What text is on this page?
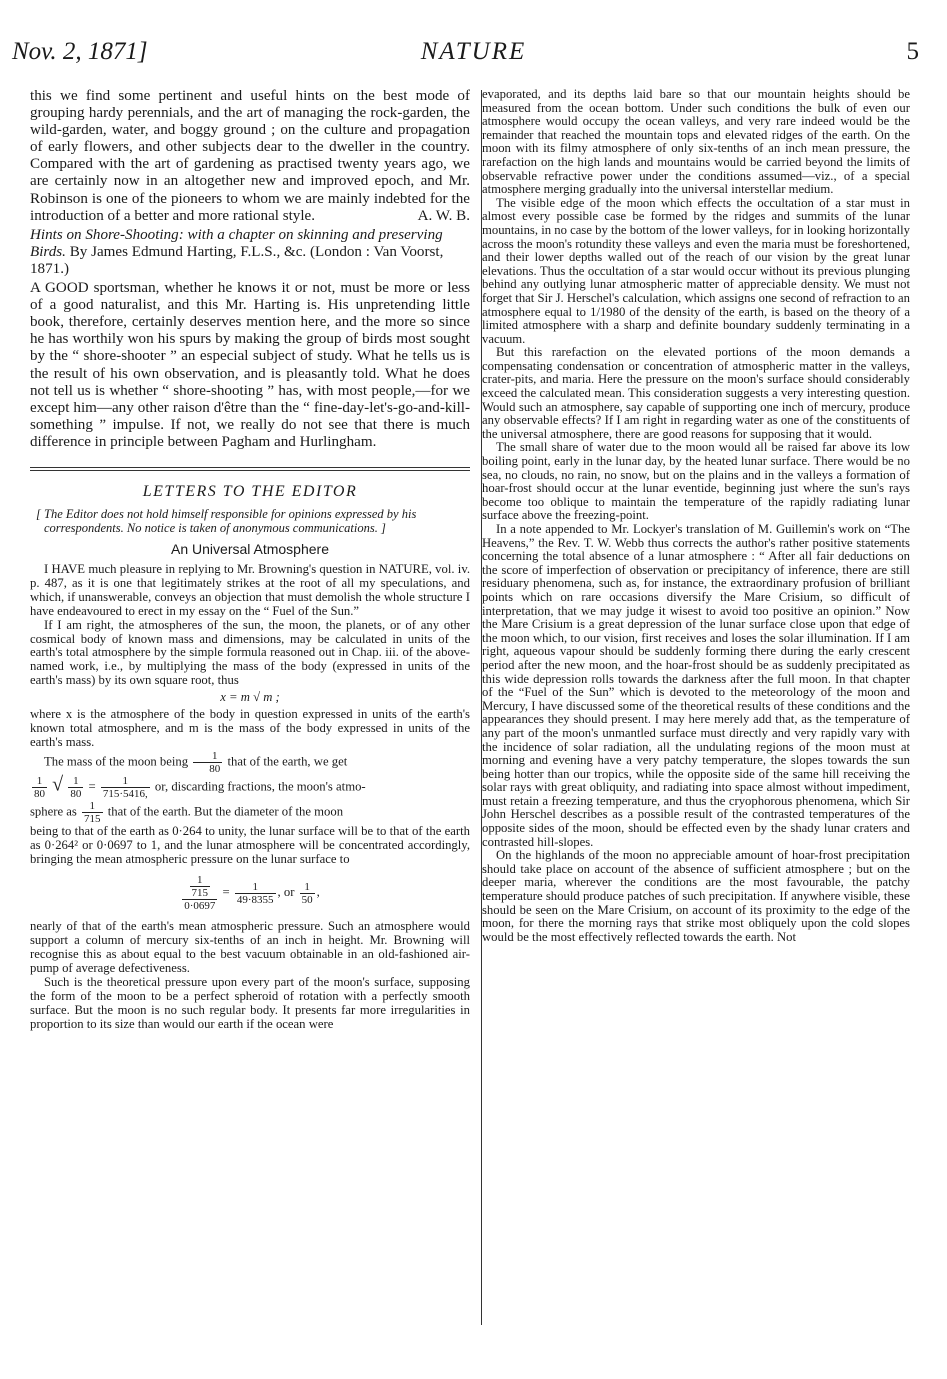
Nov. 2, 1871]	NATURE	5

this we find some pertinent and useful hints on the best mode of grouping hardy perennials, and the art of managing the rock-garden, the wild-garden, water, and boggy ground ; on the culture and propagation of early flowers, and other subjects dear to the dweller in the country. Compared with the art of gardening as practised twenty years ago, we are certainly now in an altogether new and improved epoch, and Mr. Robinson is one of the pioneers to whom we are mainly indebted for the introduction of a better and more rational style.	A. W. B.

Hints on Shore-Shooting: with a chapter on skinning and preserving Birds. By James Edmund Harting, F.L.S., &c. (London : Van Voorst, 1871.)

A GOOD sportsman, whether he knows it or not, must be more or less of a good naturalist, and this Mr. Harting is. His unpretending little book, therefore, certainly deserves mention here, and the more so since he has worthily won his spurs by making the group of birds most sought by the “ shore-shooter ” an especial subject of study. What he tells us is the result of his own observation, and is pleasantly told. What he does not tell us is whether “ shore-shooting ” has, with most people,—for we except him—any other raison d'être than the “ fine-day-let's-go-and-kill-something ” impulse. If not, we really do not see that there is much difference in principle between Pagham and Hurlingham.

LETTERS TO THE EDITOR
[ The Editor does not hold himself responsible for opinions expressed by his correspondents. No notice is taken of anonymous communications. ]
An Universal Atmosphere

I HAVE much pleasure in replying to Mr. Browning's question in NATURE, vol. iv. p. 487, as it is one that legitimately strikes at the root of all my speculations, and which, if unanswerable, conveys an objection that must demolish the whole structure I have endeavoured to erect in my essay on the “ Fuel of the Sun.”

If I am right, the atmospheres of the sun, the moon, the planets, or of any other cosmical body of known mass and dimensions, may be calculated in units of the earth's total atmosphere by the simple formula reasoned out in Chap. iii. of the above-named work, i.e., by multiplying the mass of the body (expressed in units of the earth's mass) by its own square root, thus

x = m √ m ;

where x is the atmosphere of the body in question expressed in units of the earth's known total atmosphere, and m is the mass of the body expressed in units of the earth's mass.

The mass of the moon being $\frac{1}{80}$ that of the earth, we get

$\frac{1}{80}$ √ $\frac{1}{80} = \frac{1}{715\cdot 5416,}$ or, discarding fractions, the moon's atmo-

sphere as $\frac{1}{715}$ that of the earth. But the diameter of the moon

being to that of the earth as 0·264 to unity, the lunar surface will be to that of the earth as 0·264² or 0·0697 to 1, and the lunar atmosphere will be concentrated accordingly, bringing the mean atmospheric pressure on the lunar surface to

$\frac{\frac{1}{715}}{0\cdot 0697} = \frac{1}{49\cdot 8355}$ , or $\frac{1}{50}$ ,

nearly of that of the earth's mean atmospheric pressure. Such an atmosphere would support a column of mercury six-tenths of an inch in height. Mr. Browning will recognise this as about equal to the best vacuum obtainable in an old-fashioned air-pump of average defectiveness.

Such is the theoretical pressure upon every part of the moon's surface, supposing the form of the moon to be a perfect spheroid of rotation with a perfectly smooth surface. But the moon is no such regular body. It presents far more irregularities in proportion to its size than would our earth if the ocean were

evaporated, and its depths laid bare so that our mountain heights should be measured from the ocean bottom. Under such conditions the bulk of even our atmosphere would occupy the ocean valleys, and very rare indeed would be the remainder that reached the mountain tops and elevated ridges of the earth. On the moon with its filmy atmosphere of only six-tenths of an inch mean pressure, the rarefaction on the high lands and mountains would be carried beyond the limits of observable refractive power under the conditions assumed—viz., of a special atmosphere merging gradually into the universal interstellar medium.

The visible edge of the moon which effects the occultation of a star must in almost every possible case be formed by the ridges and summits of the lunar mountains, in no case by the bottom of the lower valleys, for in looking horizontally across the moon's rotundity these valleys and even the maria must be foreshortened, and their lower depths walled out of the reach of our vision by the great lunar elevations. Thus the occultation of a star would occur without its previous plunging behind any outlying lunar atmospheric matter of appreciable density. We must not forget that Sir J. Herschel's calculation, which assigns one second of refraction to an atmosphere equal to 1/1980 of the density of the earth, is based on the theory of a limited atmosphere with a sharp and definite boundary suddenly terminating in a vacuum.

But this rarefaction on the elevated portions of the moon demands a compensating condensation or concentration of atmospheric matter in the valleys, crater-pits, and maria. Here the pressure on the moon's surface should considerably exceed the calculated mean. This consideration suggests a very interesting question. Would such an atmosphere, say capable of supporting one inch of mercury, produce any observable effects? If I am right in regarding water as one of the constituents of the universal atmosphere, there are good reasons for supposing that it would.

The small share of water due to the moon would all be raised far above its low boiling point, early in the lunar day, by the heated lunar surface. There would be no sea, no clouds, no rain, no snow, but on the plains and in the valleys a formation of hoar-frost should occur at the lunar eventide, beginning just where the sun's rays become too oblique to maintain the temperature of the rapidly radiating lunar surface above the freezing-point.

In a note appended to Mr. Lockyer's translation of M. Guillemin's work on “The Heavens,” the Rev. T. W. Webb thus corrects the author's rather positive statements concerning the total absence of a lunar atmosphere : “ After all fair deductions on the score of imperfection of observation or precipitancy of inference, there are still residuary phenomena, such as, for instance, the extraordinary profusion of brilliant points which on rare occasions diversify the Mare Crisium, so difficult of interpretation, that we may judge it wisest to avoid too positive an opinion.” Now the Mare Crisium is a great depression of the lunar surface close upon that edge of the moon which, to our vision, first receives and loses the solar illumination. If I am right, aqueous vapour should be suddenly forming there during the early crescent period after the new moon, and the hoar-frost should be as suddenly precipitated as this wide depression rolls towards the darkness after the full moon. In that chapter of the “Fuel of the Sun” which is devoted to the meteorology of the moon and Mercury, I have discussed some of the theoretical results of these conditions and the appearances they should present. I may here merely add that, as the temperature of any part of the moon's unmantled surface must directly and very rapidly vary with the incidence of solar radiation, all the undulating regions of the moon must at morning and evening have a very patchy temperature, the slopes towards the sun being hotter than our tropics, while the opposite side of the same hill receiving the solar rays with great obliquity, and radiating into space almost without impediment, must retain a freezing temperature, and thus the cryophorous phenomena, which Sir John Herschel describes as a possible result of the contrasted temperatures of the opposite sides of the moon, should be effected even by the shady lunar craters and contrasted hill-slopes.

On the highlands of the moon no appreciable amount of hoar-frost precipitation should take place on account of the absence of sufficient atmosphere ; but on the deeper maria, wherever the conditions are the most favourable, the patchy temperature should produce patches of such precipitation. If anywhere visible, these should be seen on the Mare Crisium, on account of its proximity to the edge of the moon, for there the morning rays that strike most obliquely upon the cold slopes would be the most effectively reflected towards the earth. Not
